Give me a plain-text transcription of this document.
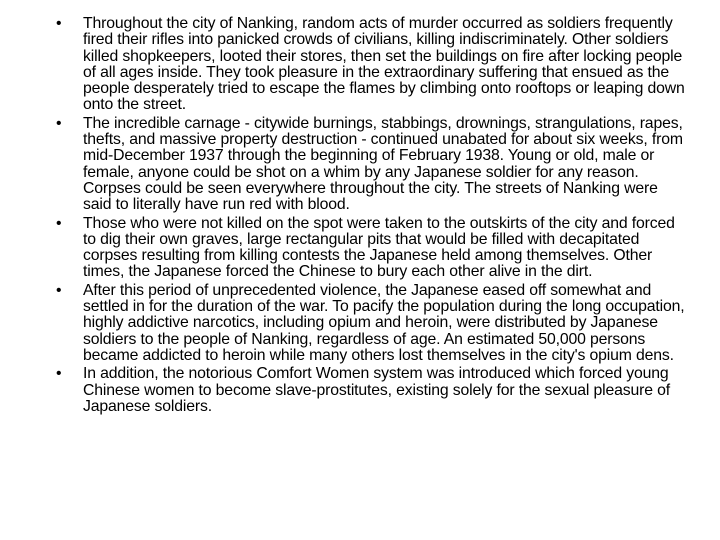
•	Throughout the city of Nanking, random acts of murder occurred as soldiers frequently fired their rifles into panicked crowds of civilians, killing indiscriminately. Other soldiers killed shopkeepers, looted their stores, then set the buildings on fire after locking people of all ages inside. They took pleasure in the extraordinary suffering that ensued as the people desperately tried to escape the flames by climbing onto rooftops or leaping down onto the street.
•	The incredible carnage - citywide burnings, stabbings, drownings, strangulations, rapes, thefts, and massive property destruction - continued unabated for about six weeks, from mid-December 1937 through the beginning of February 1938. Young or old, male or female, anyone could be shot on a whim by any Japanese soldier for any reason. Corpses could be seen everywhere throughout the city. The streets of Nanking were said to literally have run red with blood.
•	Those who were not killed on the spot were taken to the outskirts of the city and forced to dig their own graves, large rectangular pits that would be filled with decapitated corpses resulting from killing contests the Japanese held among themselves. Other times, the Japanese forced the Chinese to bury each other alive in the dirt.
•	After this period of unprecedented violence, the Japanese eased off somewhat and settled in for the duration of the war. To pacify the population during the long occupation, highly addictive narcotics, including opium and heroin, were distributed by Japanese soldiers to the people of Nanking, regardless of age. An estimated 50,000 persons became addicted to heroin while many others lost themselves in the city's opium dens.
•	In addition, the notorious Comfort Women system was introduced which forced young Chinese women to become slave-prostitutes, existing solely for the sexual pleasure of Japanese soldiers.
